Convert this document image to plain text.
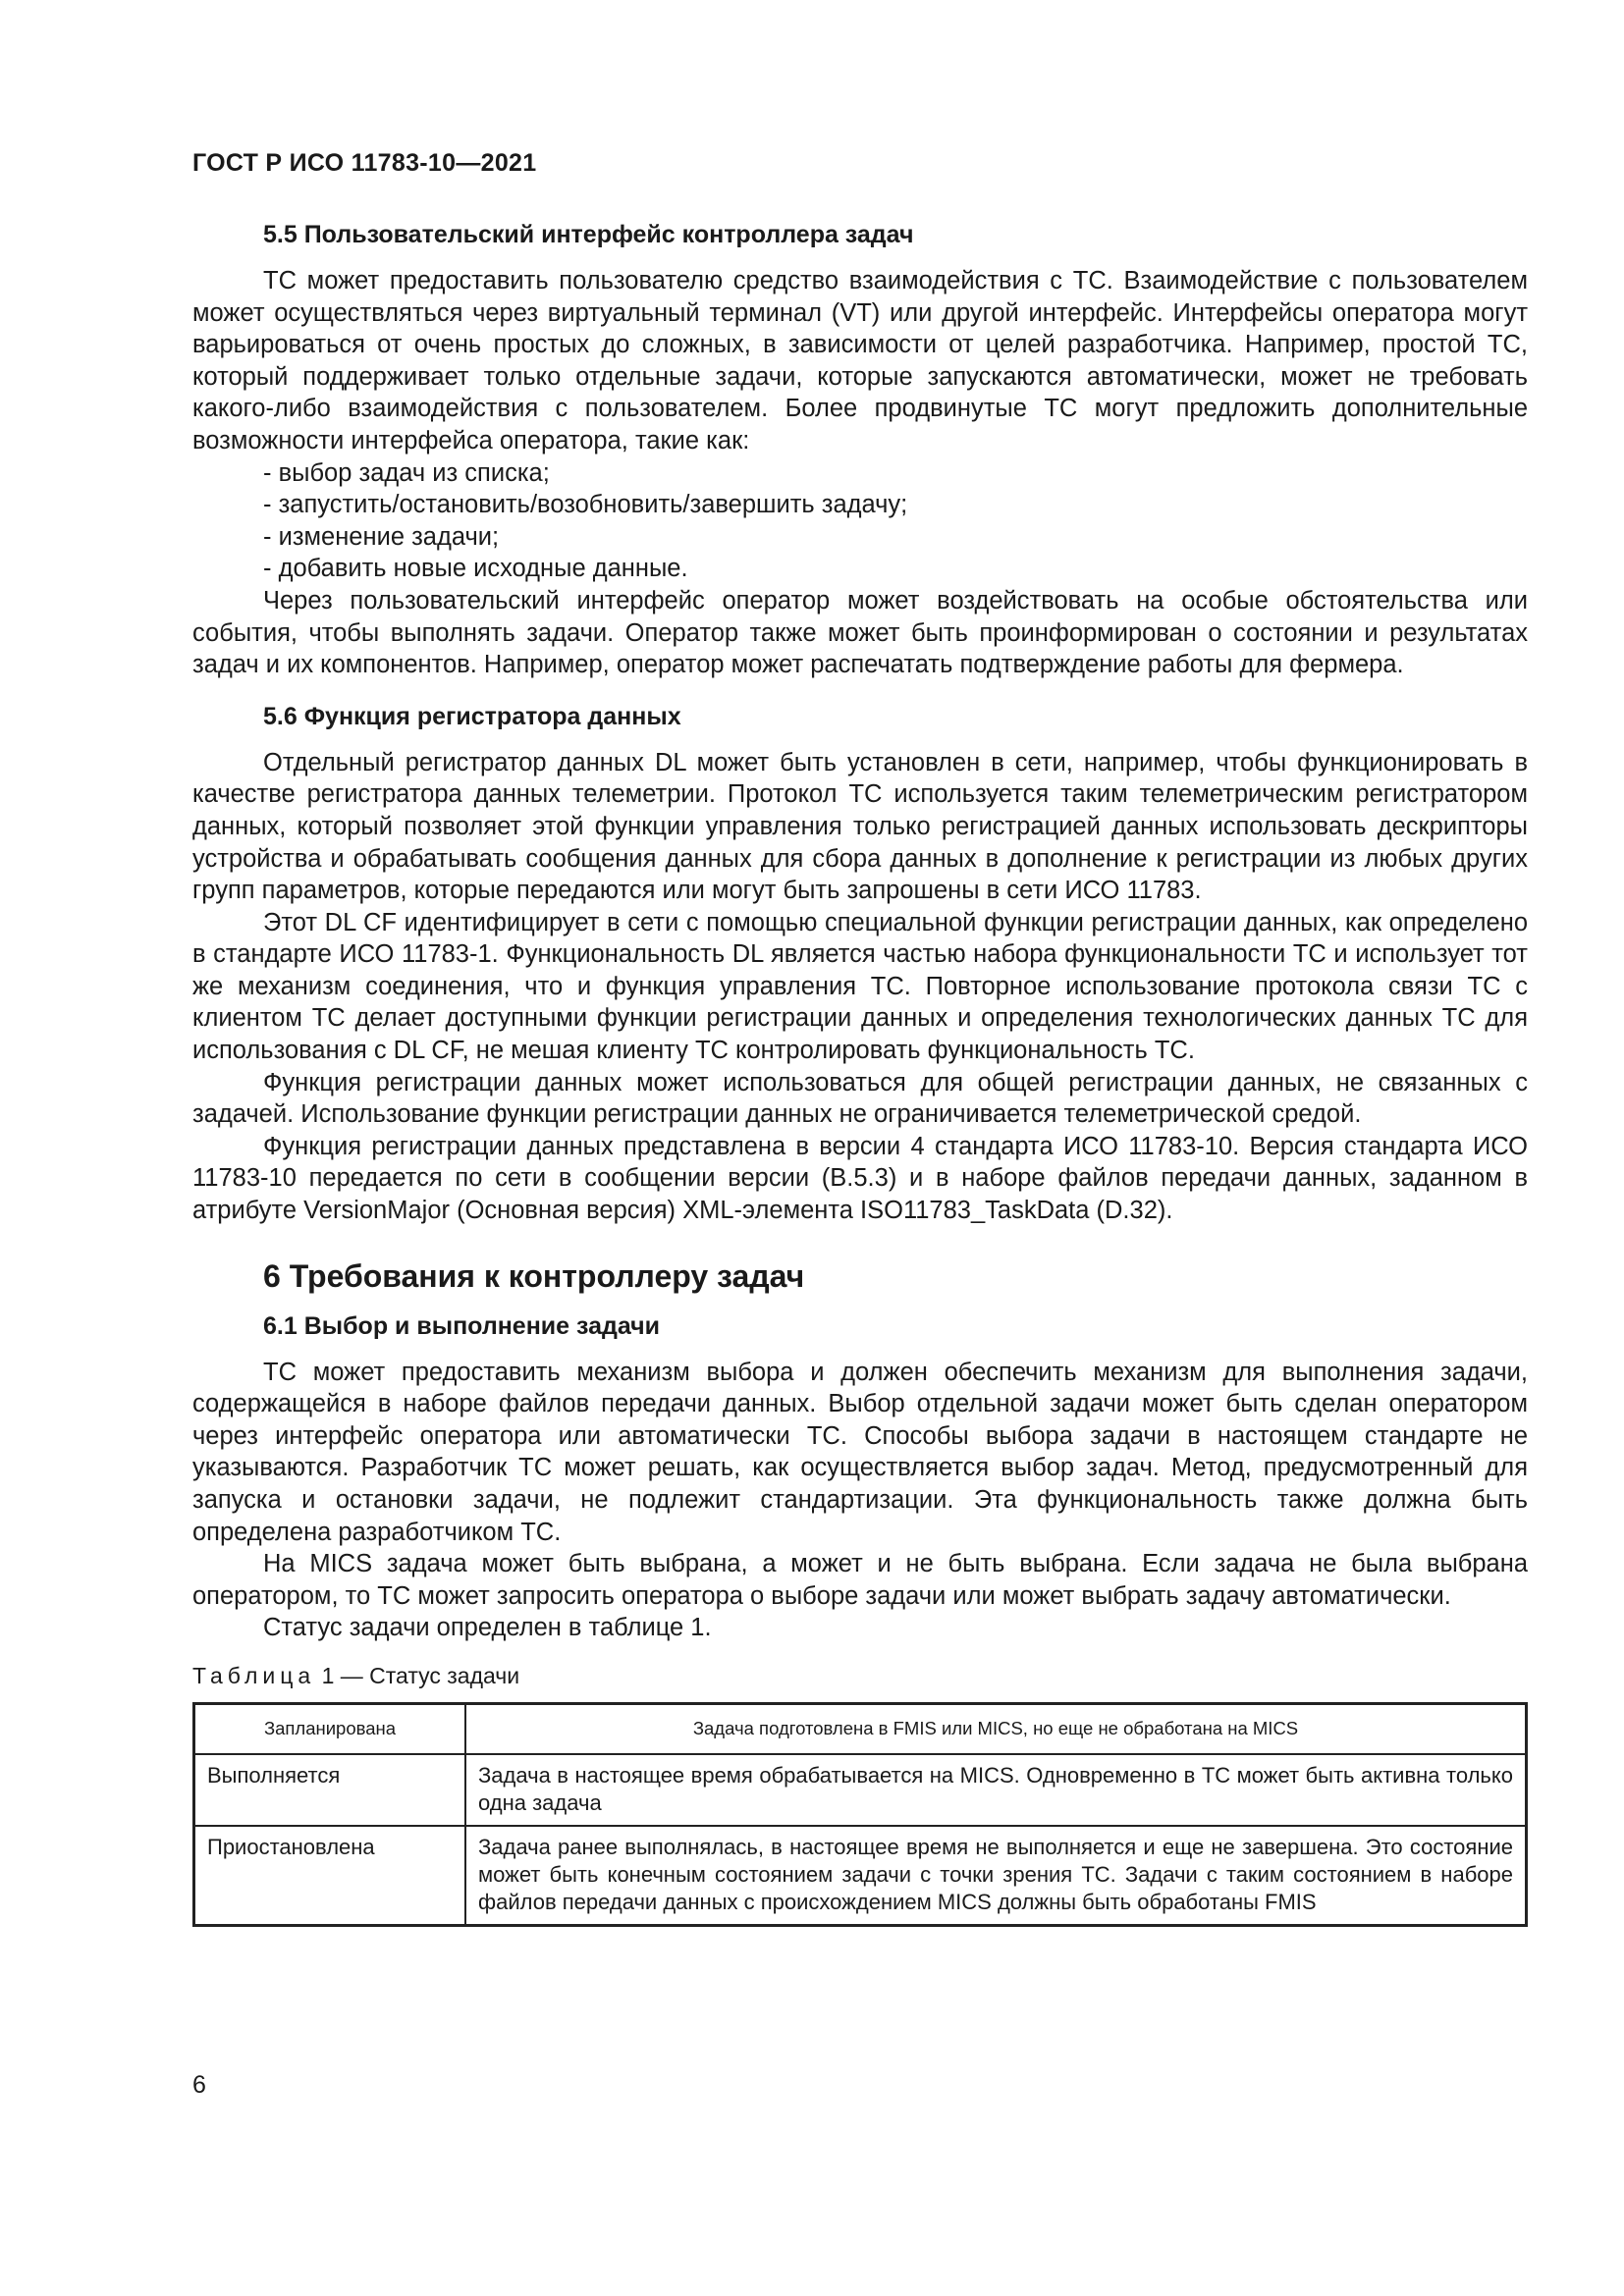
ГОСТ Р ИСО 11783-10—2021
5.5 Пользовательский интерфейс контроллера задач

ТС может предоставить пользователю средство взаимодействия с ТС. Взаимодействие с пользователем может осуществляться через виртуальный терминал (VT) или другой интерфейс. Интерфейсы оператора могут варьироваться от очень простых до сложных, в зависимости от целей разработчика. Например, простой ТС, который поддерживает только отдельные задачи, которые запускаются автоматически, может не требовать какого-либо взаимодействия с пользователем. Более продвинутые ТС могут предложить дополнительные возможности интерфейса оператора, такие как:

- выбор задач из списка;
- запустить/остановить/возобновить/завершить задачу;
- изменение задачи;
- добавить новые исходные данные.

Через пользовательский интерфейс оператор может воздействовать на особые обстоятельства или события, чтобы выполнять задачи. Оператор также может быть проинформирован о состоянии и результатах задач и их компонентов. Например, оператор может распечатать подтверждение работы для фермера.

5.6 Функция регистратора данных

Отдельный регистратор данных DL может быть установлен в сети, например, чтобы функционировать в качестве регистратора данных телеметрии. Протокол ТС используется таким телеметрическим регистратором данных, который позволяет этой функции управления только регистрацией данных использовать дескрипторы устройства и обрабатывать сообщения данных для сбора данных в дополнение к регистрации из любых других групп параметров, которые передаются или могут быть запрошены в сети ИСО 11783.

Этот DL CF идентифицирует в сети с помощью специальной функции регистрации данных, как определено в стандарте ИСО 11783-1. Функциональность DL является частью набора функциональности ТС и использует тот же механизм соединения, что и функция управления ТС. Повторное использование протокола связи ТС с клиентом ТС делает доступными функции регистрации данных и определения технологических данных ТС для использования с DL CF, не мешая клиенту ТС контролировать функциональность ТС.

Функция регистрации данных может использоваться для общей регистрации данных, не связанных с задачей. Использование функции регистрации данных не ограничивается телеметрической средой.

Функция регистрации данных представлена в версии 4 стандарта ИСО 11783-10. Версия стандарта ИСО 11783-10 передается по сети в сообщении версии (В.5.3) и в наборе файлов передачи данных, заданном в атрибуте VersionMajor (Основная версия) XML-элемента ISO11783_TaskData (D.32).

6 Требования к контроллеру задач
6.1 Выбор и выполнение задачи

ТС может предоставить механизм выбора и должен обеспечить механизм для выполнения задачи, содержащейся в наборе файлов передачи данных. Выбор отдельной задачи может быть сделан оператором через интерфейс оператора или автоматически ТС. Способы выбора задачи в настоящем стандарте не указываются. Разработчик ТС может решать, как осуществляется выбор задач. Метод, предусмотренный для запуска и остановки задачи, не подлежит стандартизации. Эта функциональность также должна быть определена разработчиком ТС.

На MICS задача может быть выбрана, а может и не быть выбрана. Если задача не была выбрана оператором, то ТС может запросить оператора о выборе задачи или может выбрать задачу автоматически.

Статус задачи определен в таблице 1.

Таблица 1 — Статус задачи
Запланирована	Задача подготовлена в FMIS или MICS, но еще не обработана на MICS
Выполняется	Задача в настоящее время обрабатывается на MICS. Одновременно в ТС может быть активна только одна задача
Приостановлена	Задача ранее выполнялась, в настоящее время не выполняется и еще не завершена. Это состояние может быть конечным состоянием задачи с точки зрения ТС. Задачи с таким состоянием в наборе файлов передачи данных с происхождением MICS должны быть обработаны FMIS
6
